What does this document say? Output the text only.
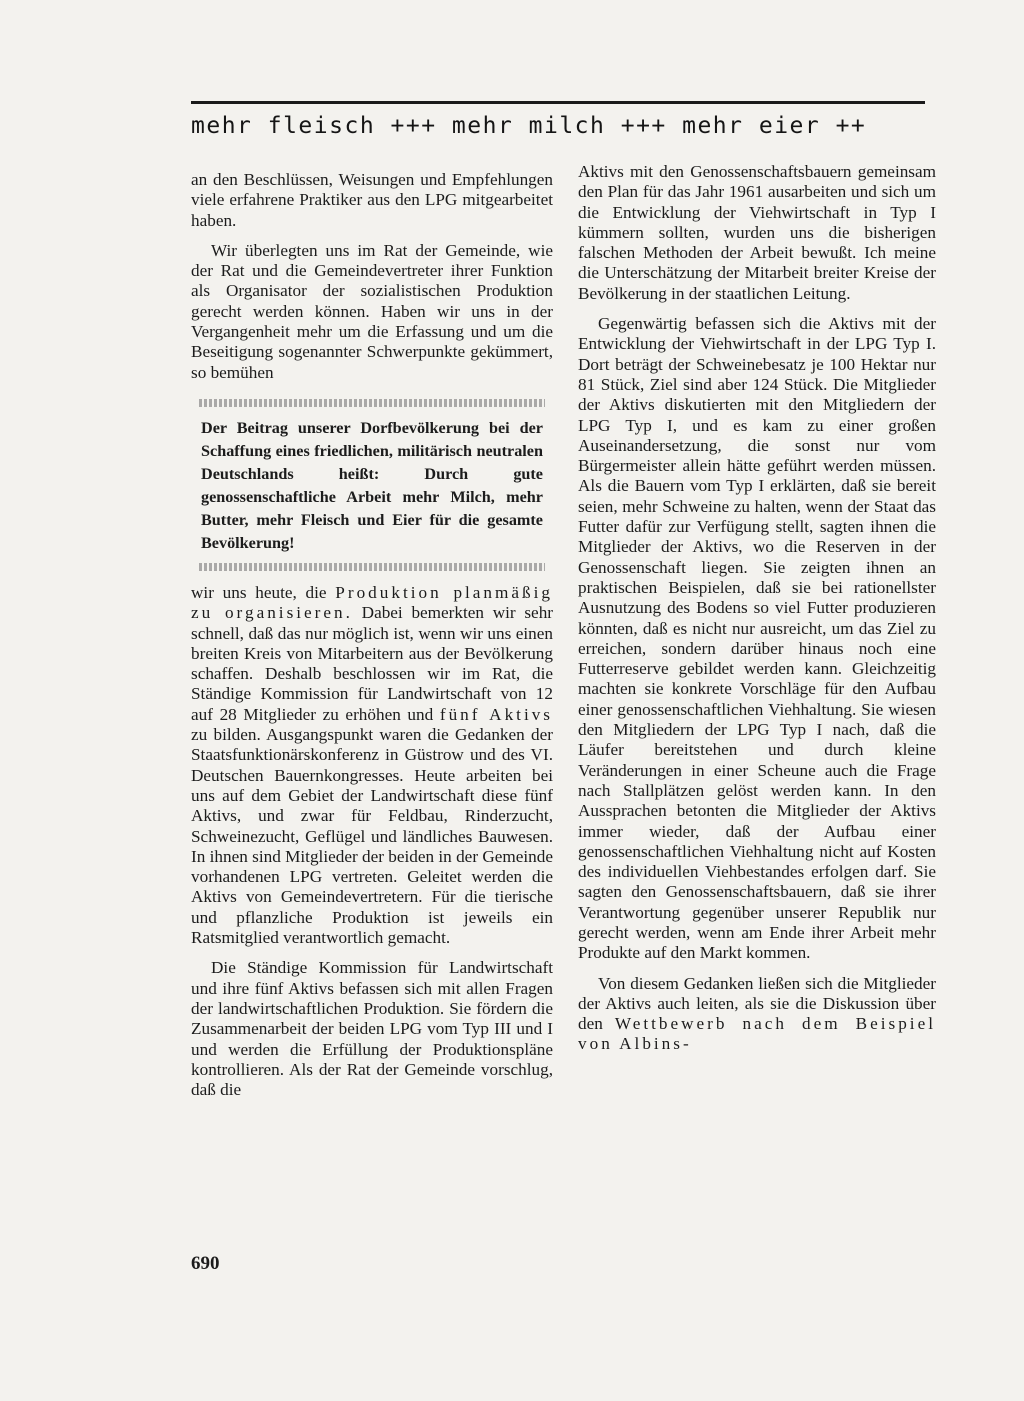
mehr fleisch +++ mehr milch +++ mehr eier ++

an den Beschlüssen, Weisungen und Empfehlungen viele erfahrene Praktiker aus den LPG mitgearbeitet haben.

Wir überlegten uns im Rat der Gemeinde, wie der Rat und die Gemeindevertreter ihrer Funktion als Organisator der sozialistischen Produktion gerecht werden können. Haben wir uns in der Vergangenheit mehr um die Erfassung und um die Beseitigung sogenannter Schwerpunkte gekümmert, so bemühen

Der Beitrag unserer Dorfbevölkerung bei der Schaffung eines friedlichen, militärisch neutralen Deutschlands heißt: Durch gute genossenschaftliche Arbeit mehr Milch, mehr Butter, mehr Fleisch und Eier für die gesamte Bevölkerung!

wir uns heute, die Produktion planmäßig zu organisieren. Dabei bemerkten wir sehr schnell, daß das nur möglich ist, wenn wir uns einen breiten Kreis von Mitarbeitern aus der Bevölkerung schaffen. Deshalb beschlossen wir im Rat, die Ständige Kommission für Landwirtschaft von 12 auf 28 Mitglieder zu erhöhen und fünf Aktivs zu bilden. Ausgangspunkt waren die Gedanken der Staatsfunktionärskonferenz in Güstrow und des VI. Deutschen Bauernkongresses. Heute arbeiten bei uns auf dem Gebiet der Landwirtschaft diese fünf Aktivs, und zwar für Feldbau, Rinderzucht, Schweinezucht, Geflügel und ländliches Bauwesen. In ihnen sind Mitglieder der beiden in der Gemeinde vorhandenen LPG vertreten. Geleitet werden die Aktivs von Gemeindevertretern. Für die tierische und pflanzliche Produktion ist jeweils ein Ratsmitglied verantwortlich gemacht.

Die Ständige Kommission für Landwirtschaft und ihre fünf Aktivs befassen sich mit allen Fragen der landwirtschaftlichen Produktion. Sie fördern die Zusammenarbeit der beiden LPG vom Typ III und I und werden die Erfüllung der Produktionspläne kontrollieren. Als der Rat der Gemeinde vorschlug, daß die

Aktivs mit den Genossenschaftsbauern gemeinsam den Plan für das Jahr 1961 ausarbeiten und sich um die Entwicklung der Viehwirtschaft in Typ I kümmern sollten, wurden uns die bisherigen falschen Methoden der Arbeit bewußt. Ich meine die Unterschätzung der Mitarbeit breiter Kreise der Bevölkerung in der staatlichen Leitung.

Gegenwärtig befassen sich die Aktivs mit der Entwicklung der Viehwirtschaft in der LPG Typ I. Dort beträgt der Schweinebesatz je 100 Hektar nur 81 Stück, Ziel sind aber 124 Stück. Die Mitglieder der Aktivs diskutierten mit den Mitgliedern der LPG Typ I, und es kam zu einer großen Auseinandersetzung, die sonst nur vom Bürgermeister allein hätte geführt werden müssen. Als die Bauern vom Typ I erklärten, daß sie bereit seien, mehr Schweine zu halten, wenn der Staat das Futter dafür zur Verfügung stellt, sagten ihnen die Mitglieder der Aktivs, wo die Reserven in der Genossenschaft liegen. Sie zeigten ihnen an praktischen Beispielen, daß sie bei rationellster Ausnutzung des Bodens so viel Futter produzieren könnten, daß es nicht nur ausreicht, um das Ziel zu erreichen, sondern darüber hinaus noch eine Futterreserve gebildet werden kann. Gleichzeitig machten sie konkrete Vorschläge für den Aufbau einer genossenschaftlichen Viehhaltung. Sie wiesen den Mitgliedern der LPG Typ I nach, daß die Läufer bereitstehen und durch kleine Veränderungen in einer Scheune auch die Frage nach Stallplätzen gelöst werden kann. In den Aussprachen betonten die Mitglieder der Aktivs immer wieder, daß der Aufbau einer genossenschaftlichen Viehhaltung nicht auf Kosten des individuellen Viehbestandes erfolgen darf. Sie sagten den Genossenschaftsbauern, daß sie ihrer Verantwortung gegenüber unserer Republik nur gerecht werden, wenn am Ende ihrer Arbeit mehr Produkte auf den Markt kommen.

Von diesem Gedanken ließen sich die Mitglieder der Aktivs auch leiten, als sie die Diskussion über den Wettbewerb nach dem Beispiel von Albins-

690
